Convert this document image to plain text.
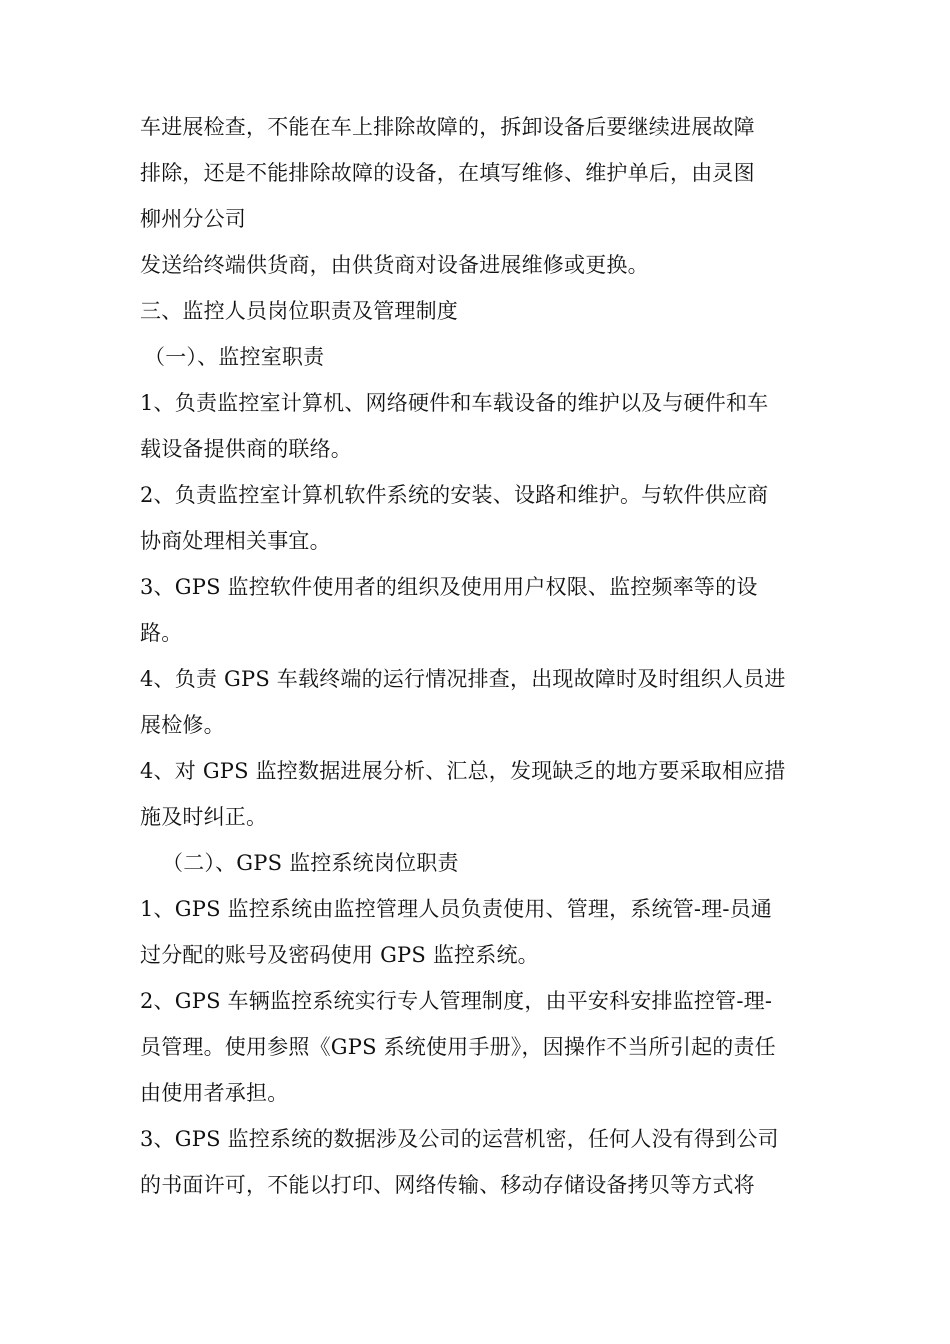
车进展检查，不能在车上排除故障的，拆卸设备后要继续进展故障
排除，还是不能排除故障的设备，在填写维修、维护单后，由灵图
柳州分公司
发送给终端供货商，由供货商对设备进展维修或更换。
三、监控人员岗位职责及管理制度
（一）、监控室职责
1、负责监控室计算机、网络硬件和车载设备的维护以及与硬件和车
载设备提供商的联络。
2、负责监控室计算机软件系统的安装、设路和维护。与软件供应商
协商处理相关事宜。
3、GPS 监控软件使用者的组织及使用用户权限、监控频率等的设
路。
4、负责 GPS 车载终端的运行情况排查，出现故障时及时组织人员进
展检修。
4、对 GPS 监控数据进展分析、汇总，发现缺乏的地方要采取相应措
施及时纠正。
（二）、GPS 监控系统岗位职责
1、GPS 监控系统由监控管理人员负责使用、管理，系统管-理-员通
过分配的账号及密码使用 GPS 监控系统。
2、GPS 车辆监控系统实行专人管理制度，由平安科安排监控管-理-
员管理。使用参照《GPS 系统使用手册》，因操作不当所引起的责任
由使用者承担。
3、GPS 监控系统的数据涉及公司的运营机密，任何人没有得到公司
的书面许可，不能以打印、网络传输、移动存储设备拷贝等方式将
